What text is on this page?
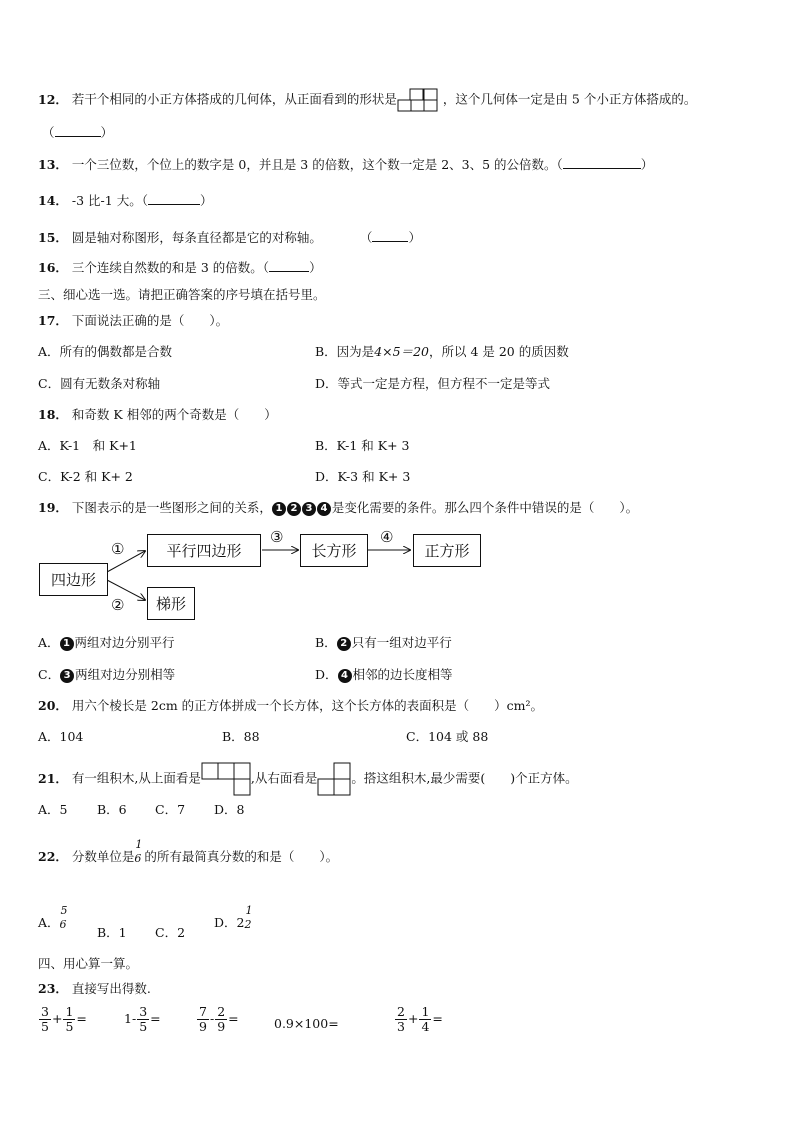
12． 若干个相同的小正方体搭成的几何体，从正面看到的形状是	，这个几何体一定是由 5 个小正方体搭成的。
（	）
13． 一个三位数，个位上的数字是 0，并且是 3 的倍数，这个数一定是 2、3、5 的公倍数。（	）
14． -3 比-1 大。（	）
15． 圆是轴对称图形，每条直径都是它的对称轴。	（	）
16． 三个连续自然数的和是 3 的倍数。（	）
三、细心选一选。请把正确答案的序号填在括号里。
17． 下面说法正确的是（　　）。
A．所有的偶数都是合数	B．因为是4×5＝20，所以 4 是 20 的质因数
C．圆有无数条对称轴	D．等式一定是方程，但方程不一定是等式
18． 和奇数 K 相邻的两个奇数是（　　）
A．K-1　和 K+1	B．K-1 和 K+ 3
C．K-2 和 K+ 2	D．K-3 和 K+ 3
19． 下图表示的是一些图形之间的关系， 1 2 3 4 是变化需要的条件。那么四个条件中错误的是（　　）。
四边形
平行四边形	长方形	正方形
梯形
①
②
③	④
A． 1 两组对边分别平行	B． 2 只有一组对边平行
C． 3 两组对边分别相等	D． 4 相邻的边长度相等
20． 用六个棱长是 2cm 的正方体拼成一个长方体，这个长方体的表面积是（　　）cm²。
A．104	B．88	C．104 或 88
21． 有一组积木,从上面看是	,从右面看是	。搭这组积木,最少需要(　　)个正方体。
A．5 B．6 C．7 D．8
22． 分数单位是
1
6 的所有最简真分数的和是（　　）。
A．
5
6
B．1 C．2
D．2
1
2
四、用心算一算。
23． 直接写出得数.
$\frac{3}{5} + \frac{1}{5}$ =	$1- \frac{3}{5}$ =	$\frac{7}{9} - \frac{2}{9}$ =	0.9×100=	$\frac{2}{3} + \frac{1}{4}$ =
